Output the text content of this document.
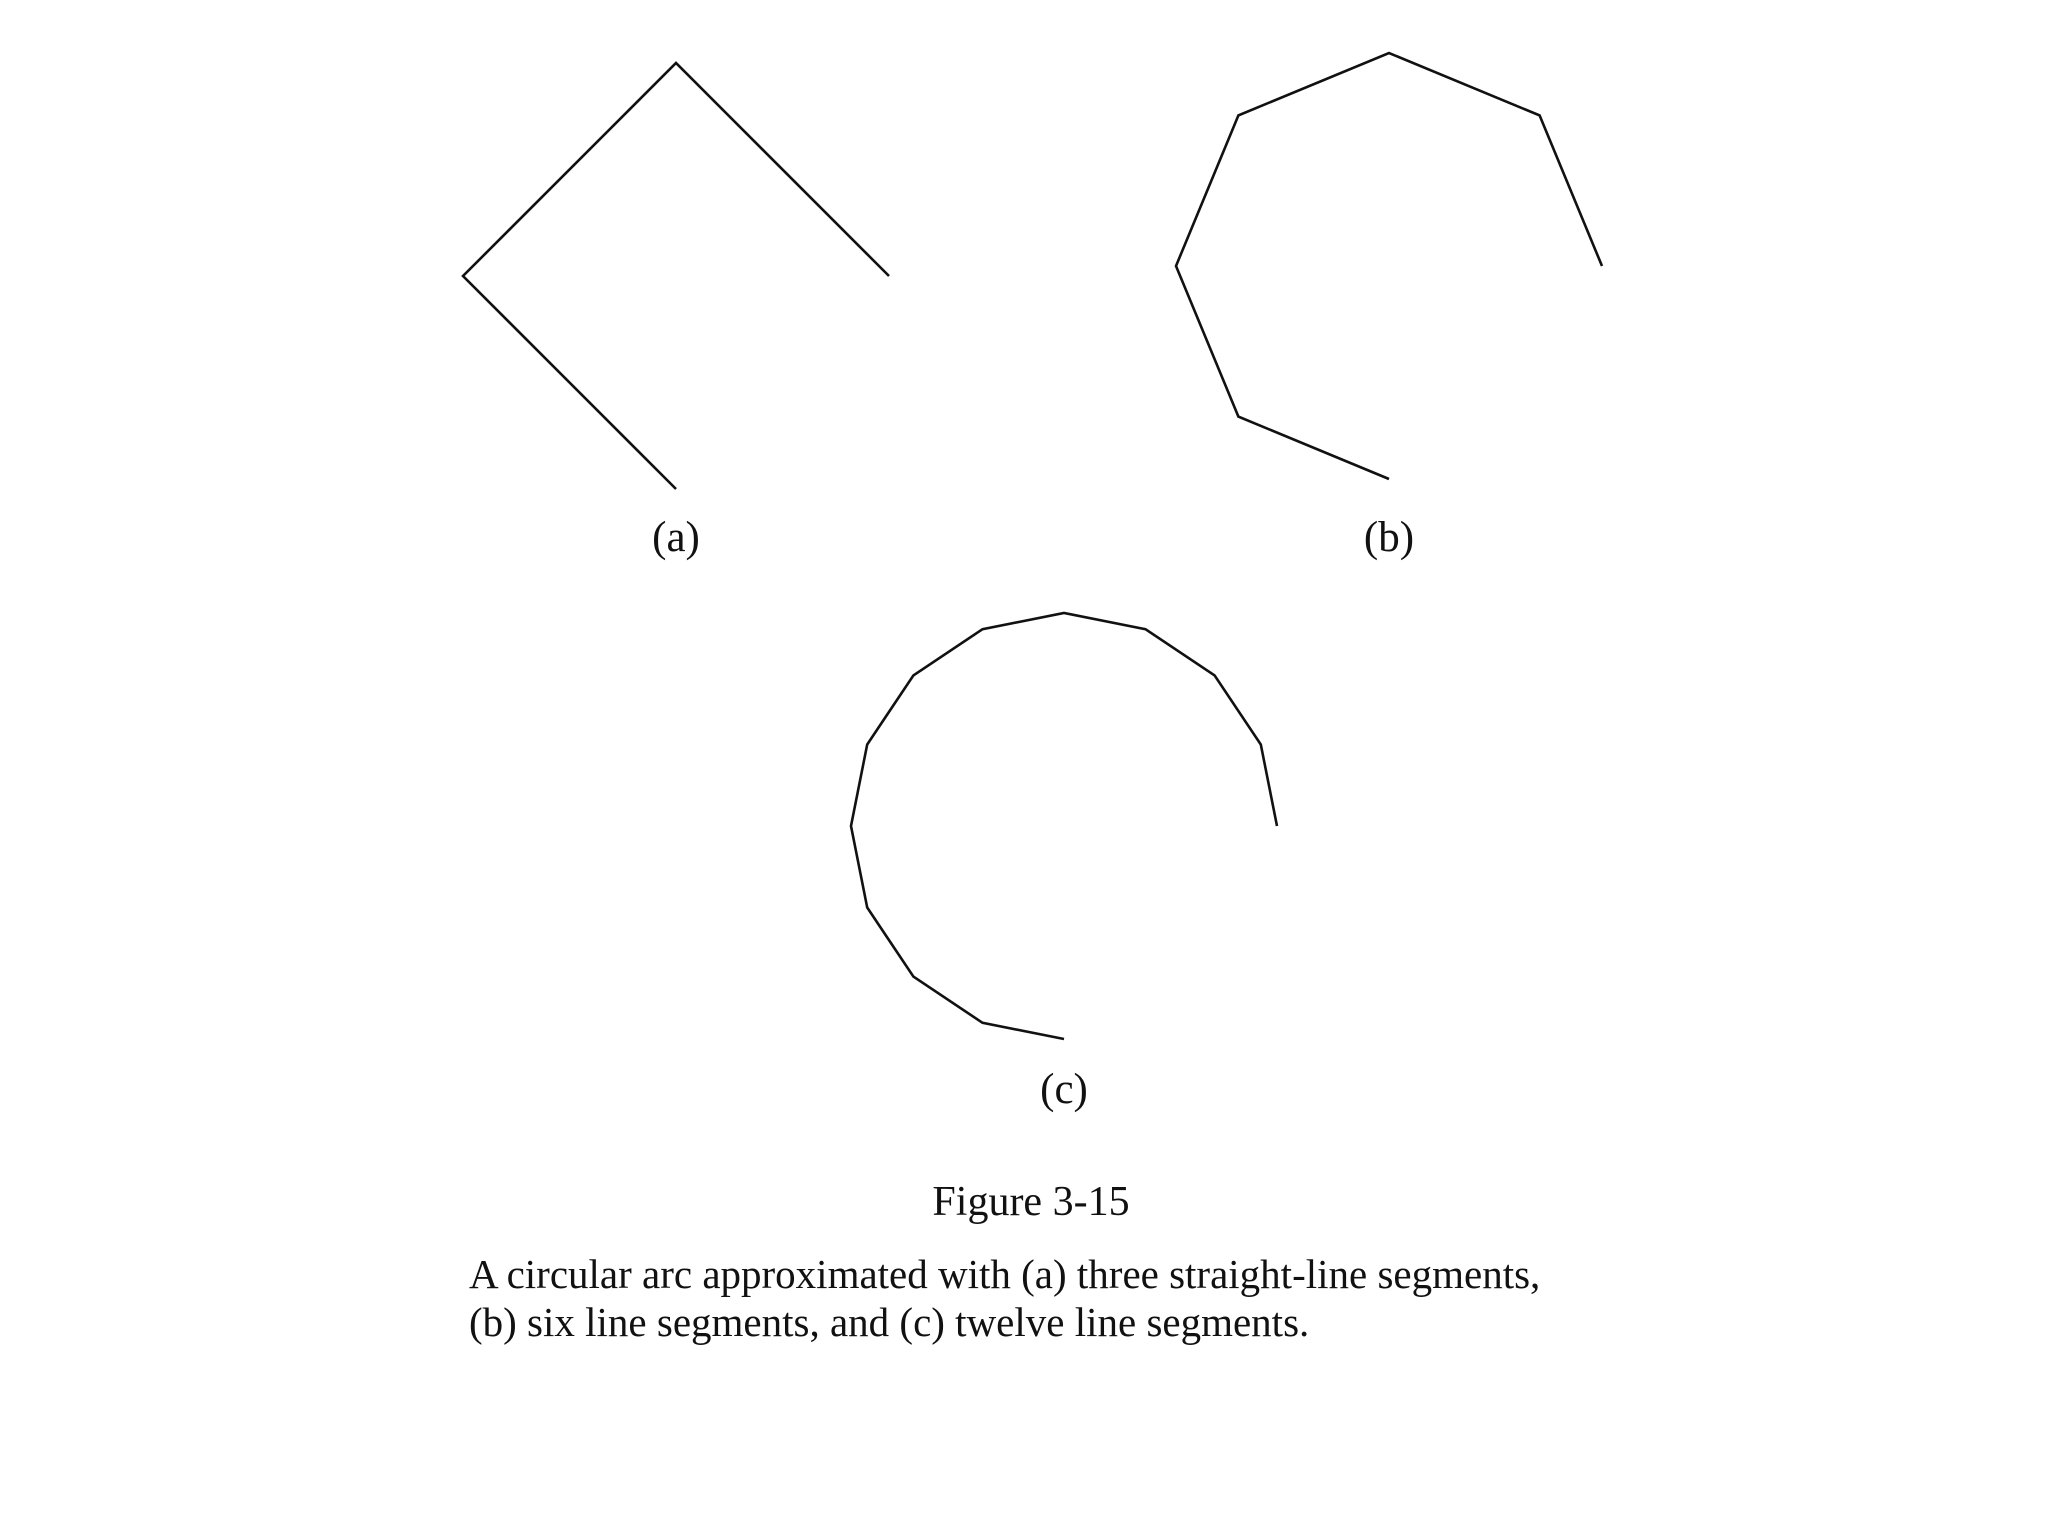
(a)	(b)
(c)
Figure 3-15
A circular arc approximated with (a) three straight-line segments,
(b) six line segments, and (c) twelve line segments.
